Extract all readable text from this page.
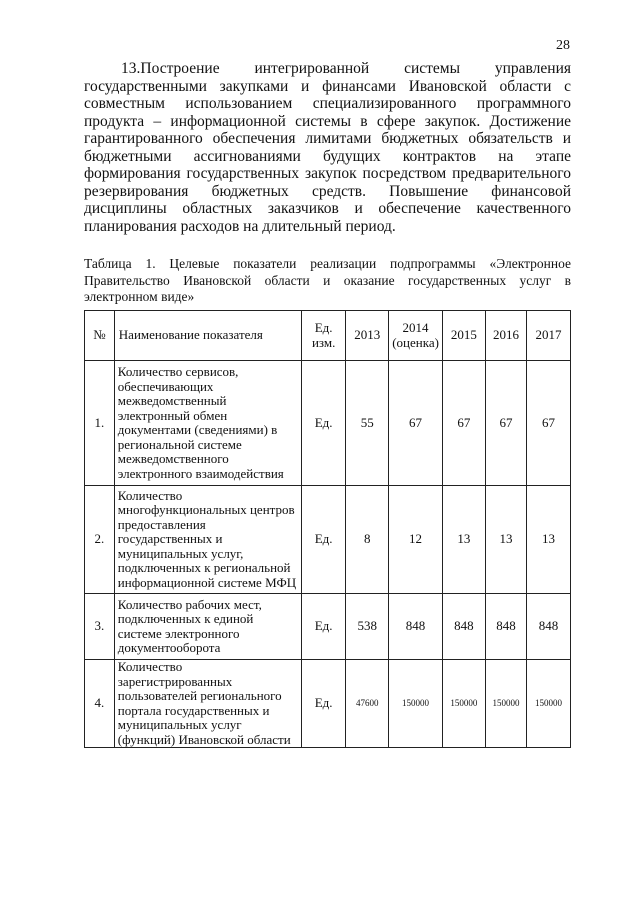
28
13.Построение интегрированной системы управления государственными закупками и финансами Ивановской области с совместным использованием специализированного программного продукта – информационной системы в сфере закупок. Достижение гарантированного обеспечения лимитами бюджетных обязательств и бюджетными ассигнованиями будущих контрактов на этапе формирования государственных закупок посредством предварительного резервирования бюджетных средств. Повышение финансовой дисциплины областных заказчиков и обеспечение качественного планирования расходов на длительный период.
Таблица 1. Целевые показатели реализации подпрограммы «Электронное Правительство Ивановской области и оказание государственных услуг в электронном виде»
№	Наименование показателя	Ед. изм.	2013	2014 (оценка)	2015	2016	2017
1.	Количество сервисов, обеспечивающих межведомственный электронный обмен документами (сведениями) в региональной системе межведомственного электронного взаимодействия	Ед.	55	67	67	67	67
2.	Количество многофункциональных центров предоставления государственных и муниципальных услуг, подключенных к региональной информационной системе МФЦ	Ед.	8	12	13	13	13
3.	Количество рабочих мест, подключенных к единой системе электронного документооборота	Ед.	538	848	848	848	848
4.	Количество зарегистрированных пользователей регионального портала государственных и муниципальных услуг (функций) Ивановской области	Ед.	47600	150000	150000	150000	150000
